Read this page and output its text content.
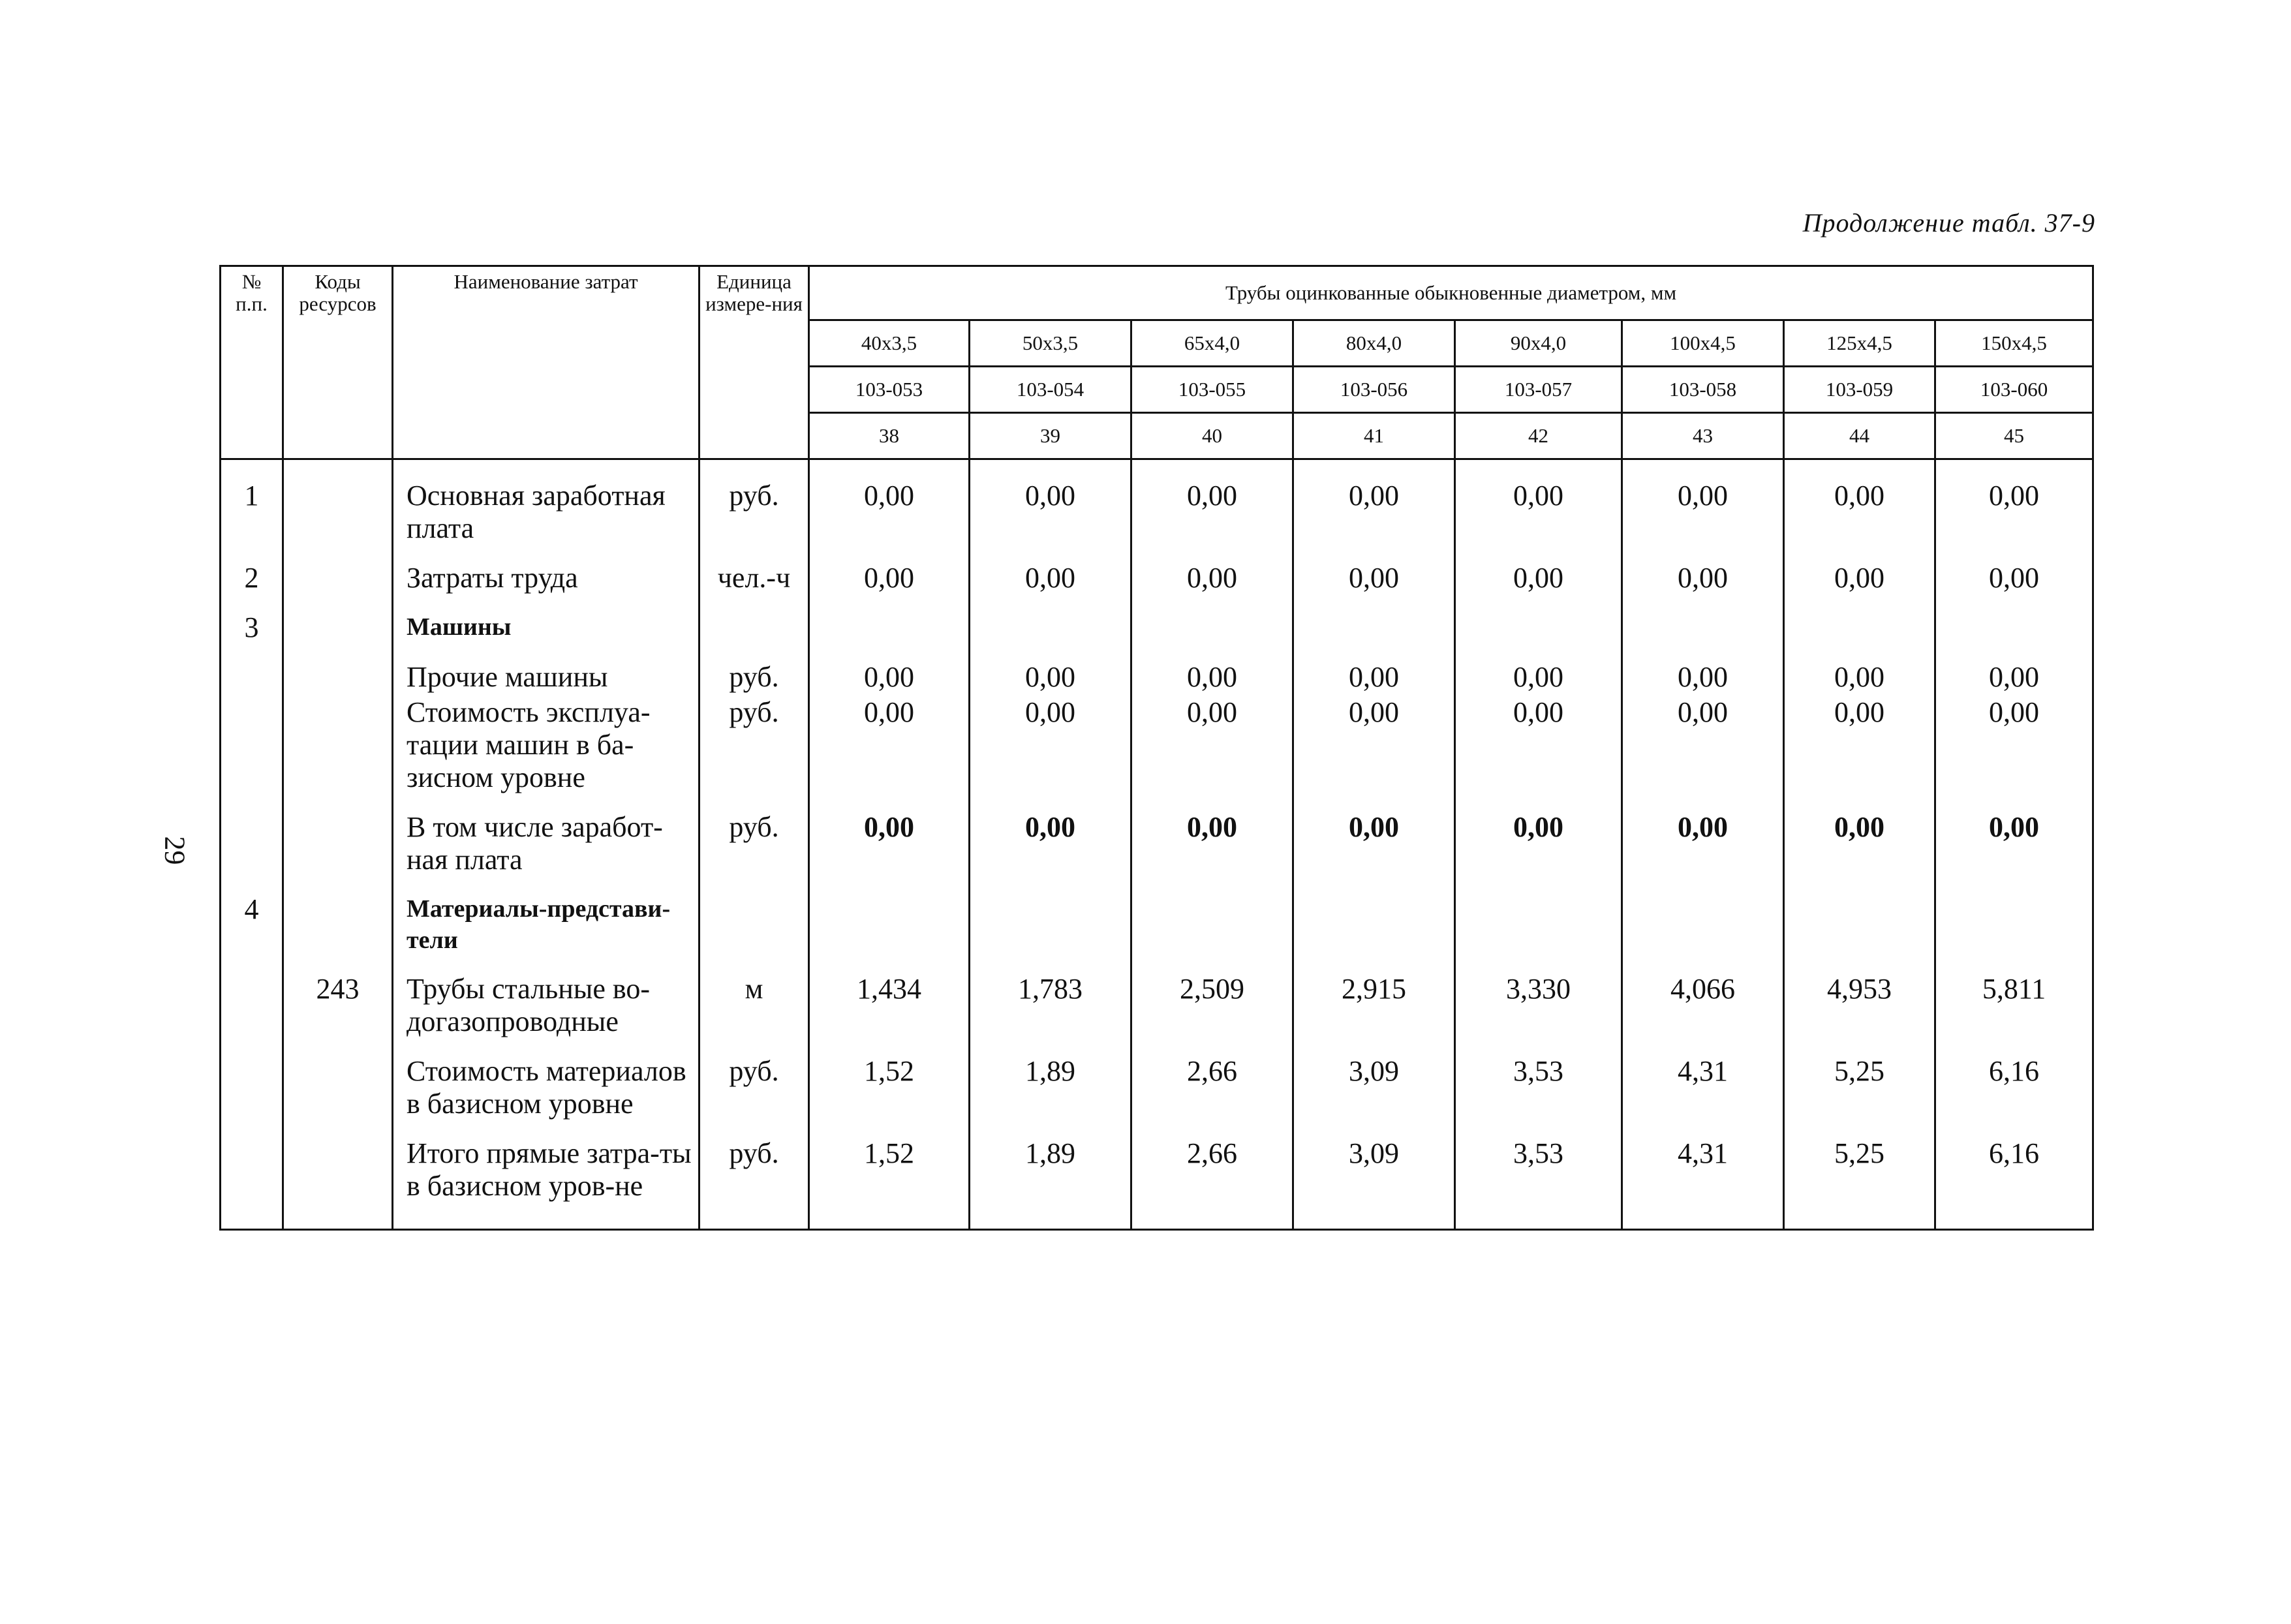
Продолжение табл. 37-9
29
№ п.п.	Коды ресурсов	Наименование затрат	Единица измере-ния	Трубы оцинкованные обыкновенные диаметром, мм							
				40x3,5	50x3,5	65x4,0	80x4,0	90x4,0	100x4,5	125x4,5	150x4,5
				103-053	103-054	103-055	103-056	103-057	103-058	103-059	103-060
				38	39	40	41	42	43	44	45
1		Основная заработная плата	руб.	0,00	0,00	0,00	0,00	0,00	0,00	0,00	0,00
2		Затраты труда	чел.-ч	0,00	0,00	0,00	0,00	0,00	0,00	0,00	0,00
3		Машины									
		Прочие машины	руб.	0,00	0,00	0,00	0,00	0,00	0,00	0,00	0,00
		Стоимость эксплуа-тации машин в ба-зисном уровне	руб.	0,00	0,00	0,00	0,00	0,00	0,00	0,00	0,00
		В том числе заработ-ная плата	руб.	0,00	0,00	0,00	0,00	0,00	0,00	0,00	0,00
4		Материалы-представи-тели									
	243	Трубы стальные во-догазопроводные	м	1,434	1,783	2,509	2,915	3,330	4,066	4,953	5,811
		Стоимость материалов в базисном уровне	руб.	1,52	1,89	2,66	3,09	3,53	4,31	5,25	6,16
		Итого прямые затра-ты в базисном уров-не	руб.	1,52	1,89	2,66	3,09	3,53	4,31	5,25	6,16
